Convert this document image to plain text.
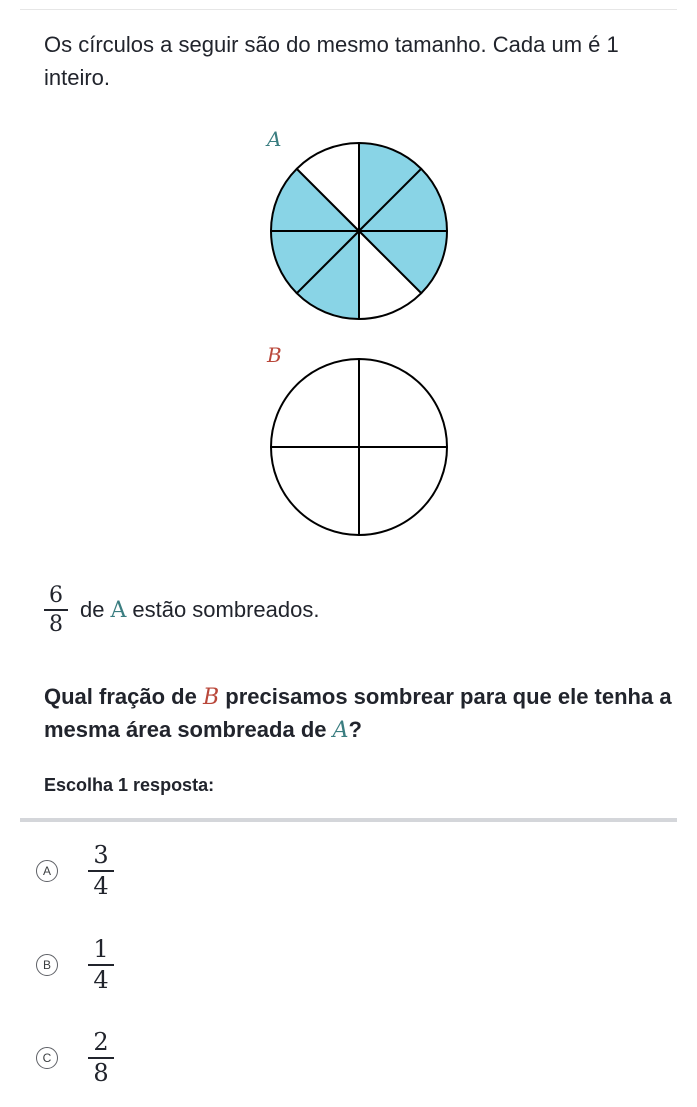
Os círculos a seguir são do mesmo tamanho. Cada um é 1 inteiro.
A
B
$\frac{6}{8}$ de A estão sombreados.
Qual fração de B precisamos sombrear para que ele tenha a mesma área sombreada de A?
Escolha 1 resposta:
A $\frac{3}{4}$
B $\frac{1}{4}$
C $\frac{2}{8}$
